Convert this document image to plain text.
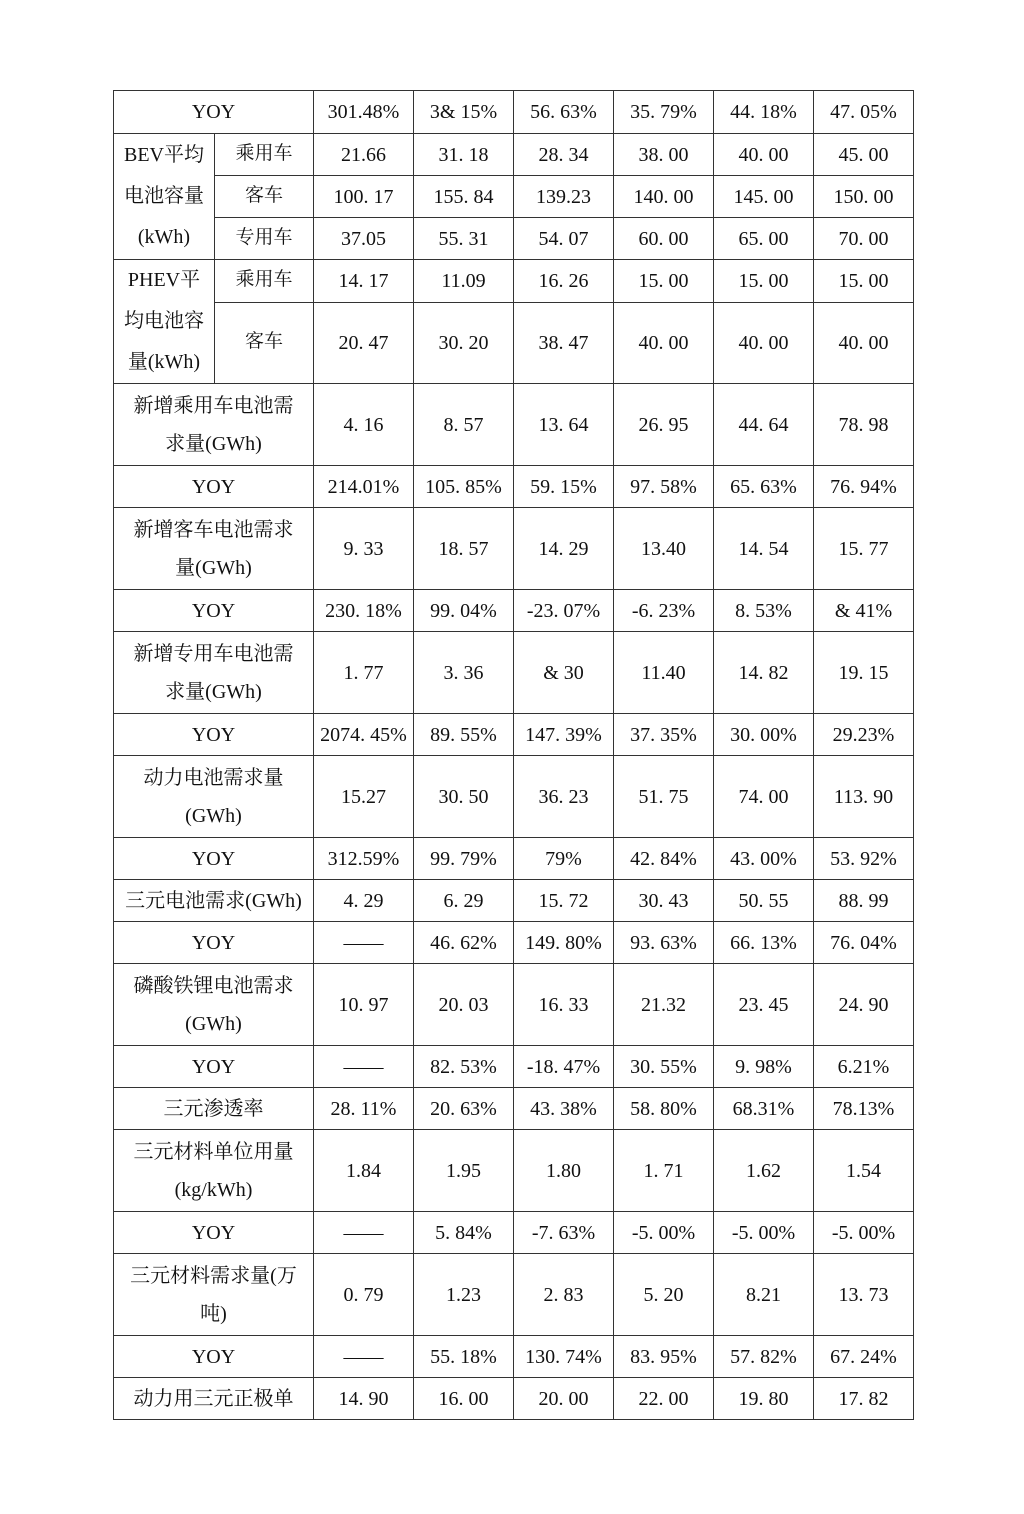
YOY		301.48%	3& 15%	56. 63%	35. 79%	44. 18%	47. 05%

BEV平均
电池容量
(kWh)	乘用车	21.66	31. 18	28. 34	38. 00	40. 00	45. 00
	客车	100. 17	155. 84	139.23	140. 00	145. 00	150. 00
	专用车	37.05	55. 31	54. 07	60. 00	65. 00	70. 00

PHEV平
均电池容
量(kWh)	乘用车	14. 17	11.09	16. 26	15. 00	15. 00	15. 00
	客车	20. 47	30. 20	38. 47	40. 00	40. 00	40. 00

新增乘用车电池需
求量(GWh)		4. 16	8. 57	13. 64	26. 95	44. 64	78. 98
YOY		214.01%	105. 85%	59. 15%	97. 58%	65. 63%	76. 94%

新增客车电池需求
量(GWh)		9. 33	18. 57	14. 29	13.40	14. 54	15. 77
YOY		230. 18%	99. 04%	-23. 07%	-6. 23%	8. 53%	& 41%

新增专用车电池需
求量(GWh)		1. 77	3. 36	& 30	11.40	14. 82	19. 15
YOY		2074. 45%	89. 55%	147. 39%	37. 35%	30. 00%	29.23%

动力电池需求量
(GWh)		15.27	30. 50	36. 23	51. 75	74. 00	113. 90
YOY		312.59%	99. 79%	79%	42. 84%	43. 00%	53. 92%
三元电池需求(GWh)		4. 29	6. 29	15. 72	30. 43	50. 55	88. 99
YOY		——	46. 62%	149. 80%	93. 63%	66. 13%	76. 04%

磷酸铁锂电池需求
(GWh)		10. 97	20. 03	16. 33	21.32	23. 45	24. 90
YOY		——	82. 53%	-18. 47%	30. 55%	9. 98%	6.21%
三元渗透率		28. 11%	20. 63%	43. 38%	58. 80%	68.31%	78.13%

三元材料单位用量
(kg/kWh)		1.84	1.95	1.80	1. 71	1.62	1.54
YOY		——	5. 84%	-7. 63%	-5. 00%	-5. 00%	-5. 00%

三元材料需求量(万
吨)		0. 79	1.23	2. 83	5. 20	8.21	13. 73
YOY		——	55. 18%	130. 74%	83. 95%	57. 82%	67. 24%
动力用三元正极单		14. 90	16. 00	20. 00	22. 00	19. 80	17. 82
